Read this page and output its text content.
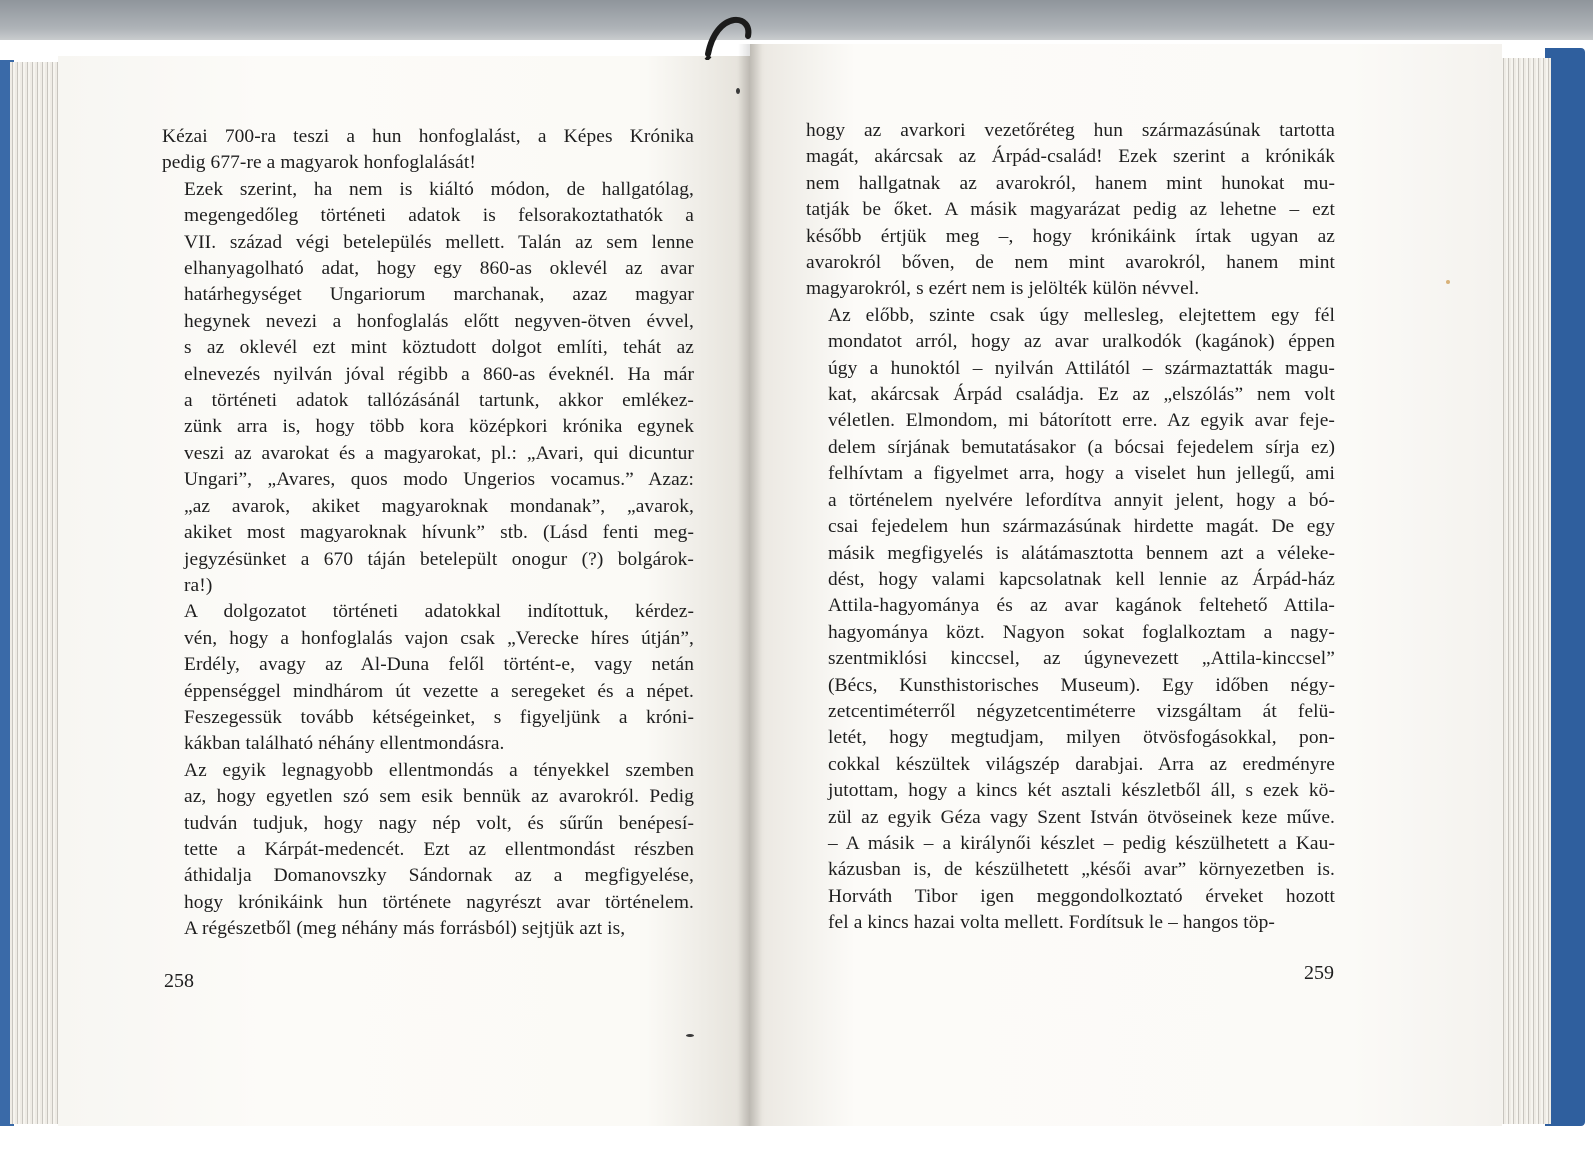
Kézai 700-ra teszi a hun honfoglalást, a Képes Krónika
pedig 677-re a magyarok honfoglalását!
Ezek szerint, ha nem is kiáltó módon, de hallgatólag,
megengedőleg történeti adatok is felsorakoztathatók a
VII. század végi betelepülés mellett. Talán az sem lenne
elhanyagolható adat, hogy egy 860-as oklevél az avar
határhegységet Ungariorum marchanak, azaz magyar
hegynek nevezi a honfoglalás előtt negyven-ötven évvel,
s az oklevél ezt mint köztudott dolgot említi, tehát az
elnevezés nyilván jóval régibb a 860-as éveknél. Ha már
a történeti adatok tallózásánál tartunk, akkor emlékez-
zünk arra is, hogy több kora középkori krónika egynek
veszi az avarokat és a magyarokat, pl.: „Avari, qui dicuntur
Ungari”, „Avares, quos modo Ungerios vocamus.” Azaz:
„az avarok, akiket magyaroknak mondanak”, „avarok,
akiket most magyaroknak hívunk” stb. (Lásd fenti meg-
jegyzésünket a 670 táján betelepült onogur (?) bolgárok-
ra!)
A dolgozatot történeti adatokkal indítottuk, kérdez-
vén, hogy a honfoglalás vajon csak „Verecke híres útján”,
Erdély, avagy az Al-Duna felől történt-e, vagy netán
éppenséggel mindhárom út vezette a seregeket és a népet.
Feszegessük tovább kétségeinket, s figyeljünk a króni-
kákban található néhány ellentmondásra.
Az egyik legnagyobb ellentmondás a tényekkel szemben
az, hogy egyetlen szó sem esik bennük az avarokról. Pedig
tudván tudjuk, hogy nagy nép volt, és sűrűn benépesí-
tette a Kárpát-medencét. Ezt az ellentmondást részben
áthidalja Domanovszky Sándornak az a megfigyelése,
hogy krónikáink hun története nagyrészt avar történelem.
A régészetből (meg néhány más forrásból) sejtjük azt is,
hogy az avarkori vezetőréteg hun származásúnak tartotta
magát, akárcsak az Árpád-család! Ezek szerint a krónikák
nem hallgatnak az avarokról, hanem mint hunokat mu-
tatják be őket. A másik magyarázat pedig az lehetne – ezt
később értjük meg –, hogy krónikáink írtak ugyan az
avarokról bőven, de nem mint avarokról, hanem mint
magyarokról, s ezért nem is jelölték külön névvel.
Az előbb, szinte csak úgy mellesleg, elejtettem egy fél
mondatot arról, hogy az avar uralkodók (kagánok) éppen
úgy a hunoktól – nyilván Attilától – származtatták magu-
kat, akárcsak Árpád családja. Ez az „elszólás” nem volt
véletlen. Elmondom, mi bátorított erre. Az egyik avar feje-
delem sírjának bemutatásakor (a bócsai fejedelem sírja ez)
felhívtam a figyelmet arra, hogy a viselet hun jellegű, ami
a történelem nyelvére lefordítva annyit jelent, hogy a bó-
csai fejedelem hun származásúnak hirdette magát. De egy
másik megfigyelés is alátámasztotta bennem azt a véleke-
dést, hogy valami kapcsolatnak kell lennie az Árpád-ház
Attila-hagyománya és az avar kagánok feltehető Attila-
hagyománya közt. Nagyon sokat foglalkoztam a nagy-
szentmiklósi kinccsel, az úgynevezett „Attila-kinccsel”
(Bécs, Kunsthistorisches Museum). Egy időben négy-
zetcentiméterről négyzetcentiméterre vizsgáltam át felü-
letét, hogy megtudjam, milyen ötvösfogásokkal, pon-
cokkal készültek világszép darabjai. Arra az eredményre
jutottam, hogy a kincs két asztali készletből áll, s ezek kö-
zül az egyik Géza vagy Szent István ötvöseinek keze műve.
– A másik – a királynői készlet – pedig készülhetett a Kau-
kázusban is, de készülhetett „késői avar” környezetben is.
Horváth Tibor igen meggondolkoztató érveket hozott
fel a kincs hazai volta mellett. Fordítsuk le – hangos töp-
258	259
